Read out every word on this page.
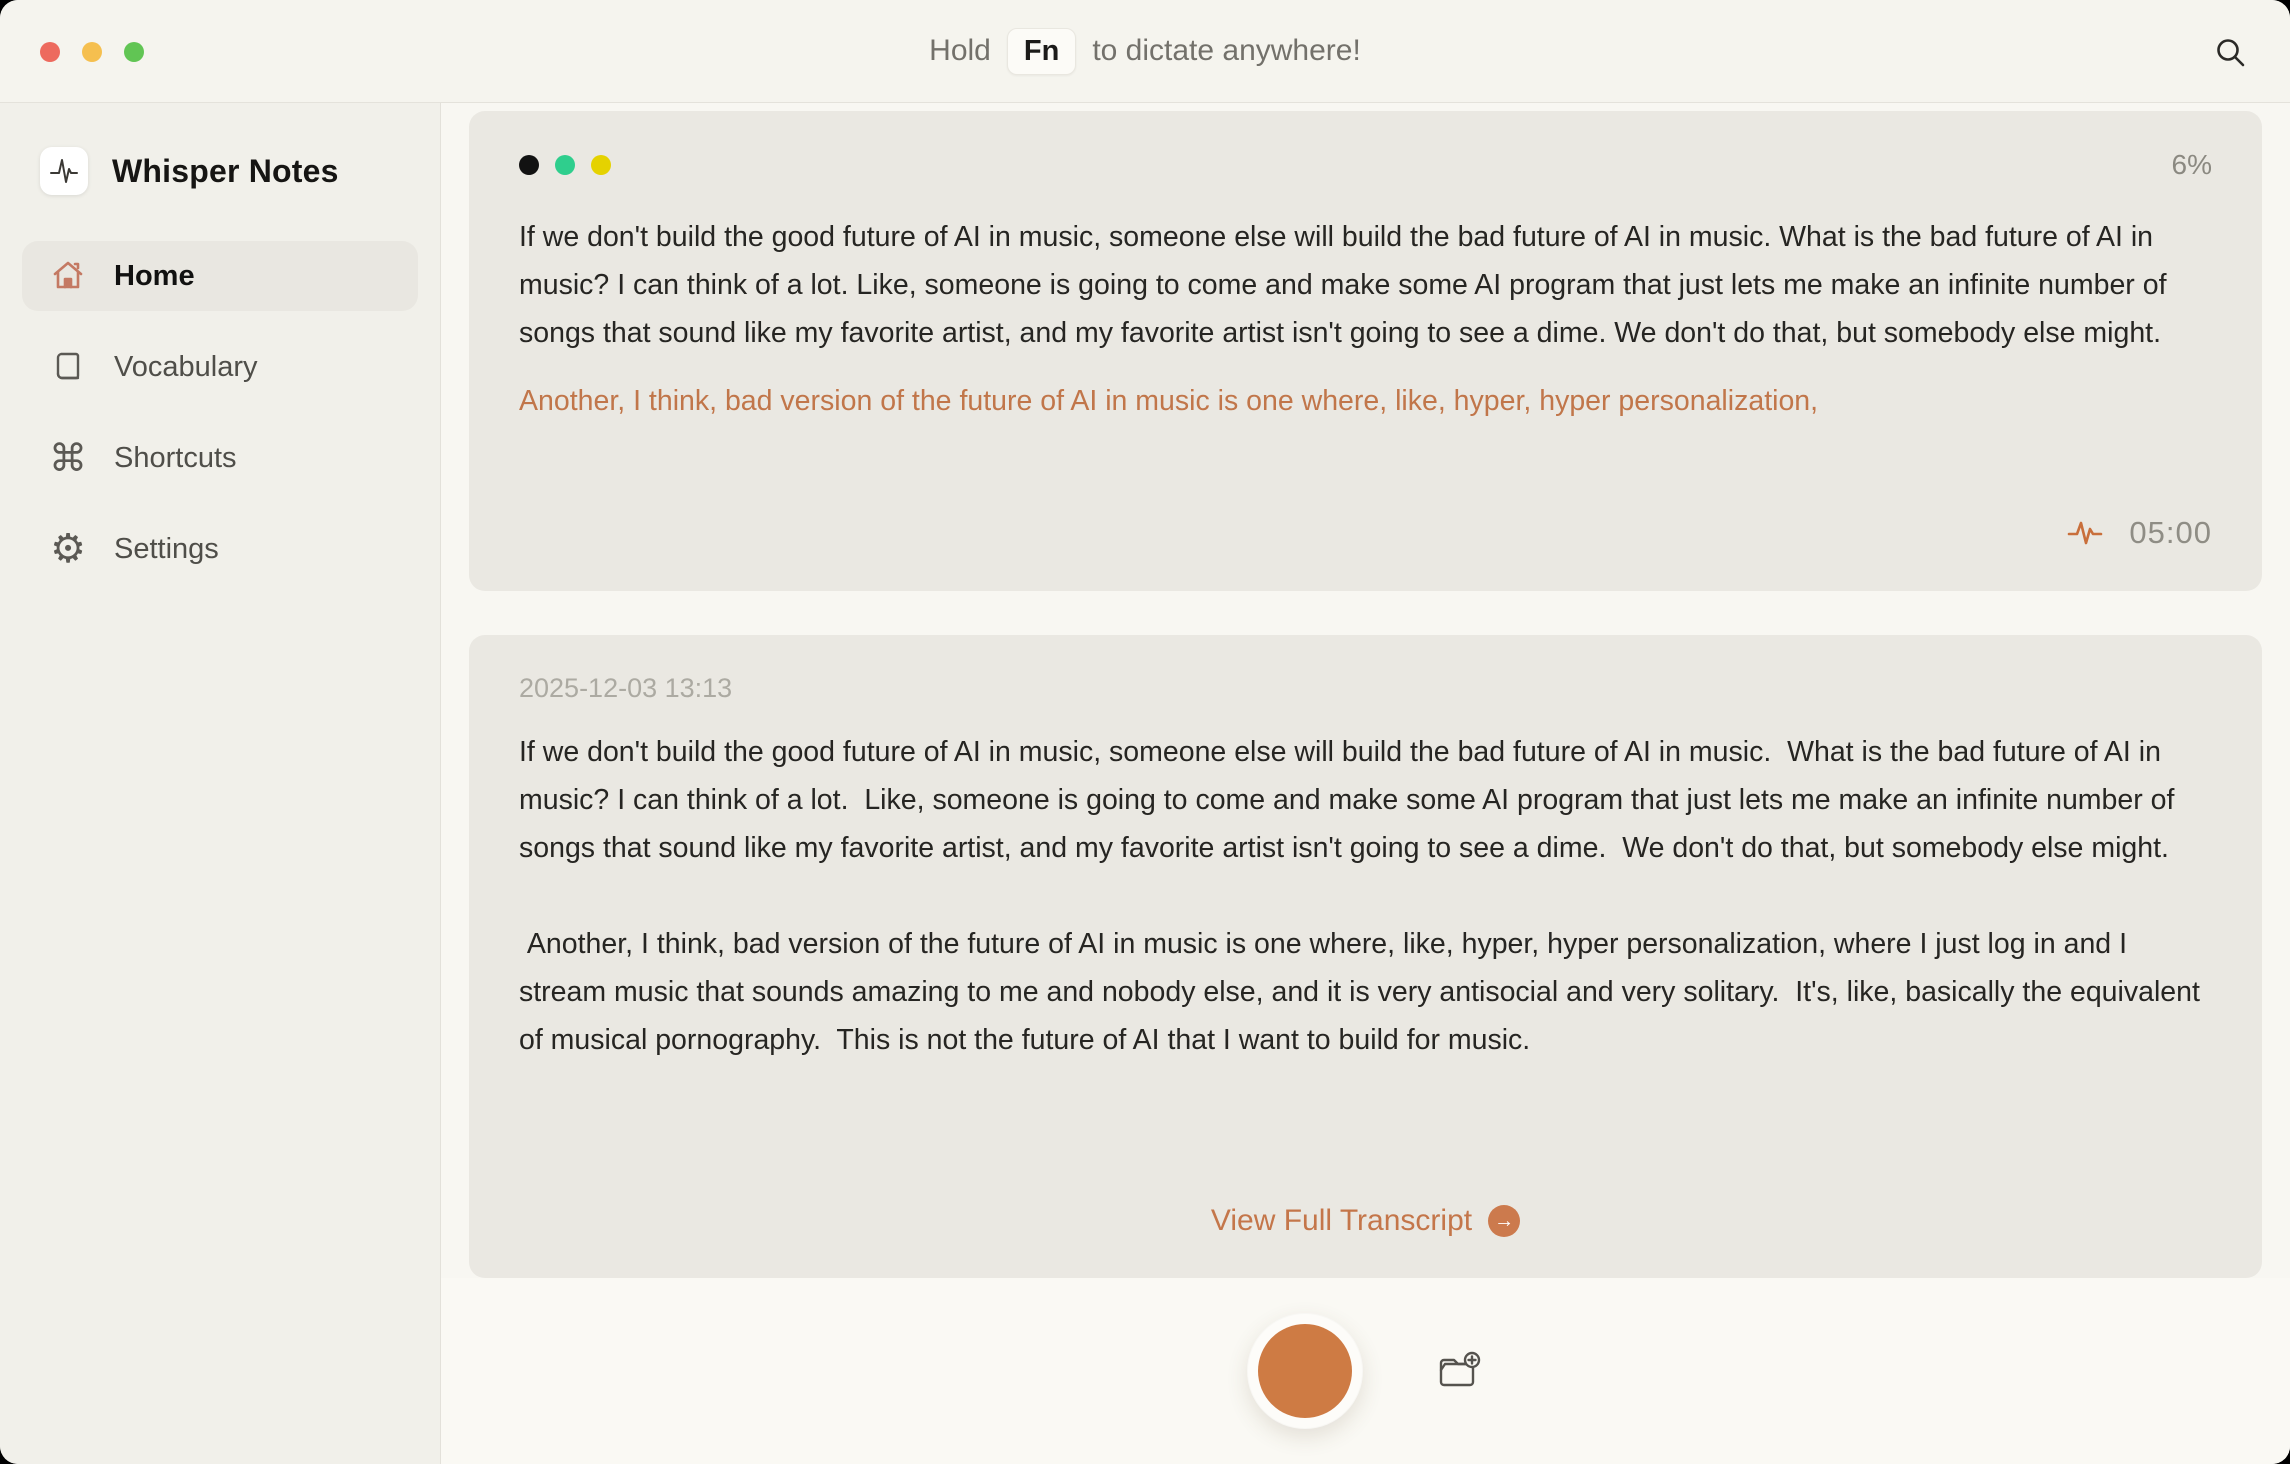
Hold	Fn	to dictate anywhere!
Whisper Notes
Home
Vocabulary
⌘ Shortcuts
⚙ Settings
6%
If we don't build the good future of AI in music, someone else will build the bad future of AI in music. What is the bad future of AI in music? I can think of a lot. Like, someone is going to come and make some AI program that just lets me make an infinite number of songs that sound like my favorite artist, and my favorite artist isn't going to see a dime. We don't do that, but somebody else might.
Another, I think, bad version of the future of AI in music is one where, like, hyper, hyper personalization,
05:00
2025-12-03 13:13
If we don't build the good future of AI in music, someone else will build the bad future of AI in music.  What is the bad future of AI in music? I can think of a lot.  Like, someone is going to come and make some AI program that just lets me make an infinite number of songs that sound like my favorite artist, and my favorite artist isn't going to see a dime.  We don't do that, but somebody else might.
Another, I think, bad version of the future of AI in music is one where, like, hyper, hyper personalization, where I just log in and I stream music that sounds amazing to me and nobody else, and it is very antisocial and very solitary.  It's, like, basically the equivalent of musical pornography.  This is not the future of AI that I want to build for music.
View Full Transcript	→
